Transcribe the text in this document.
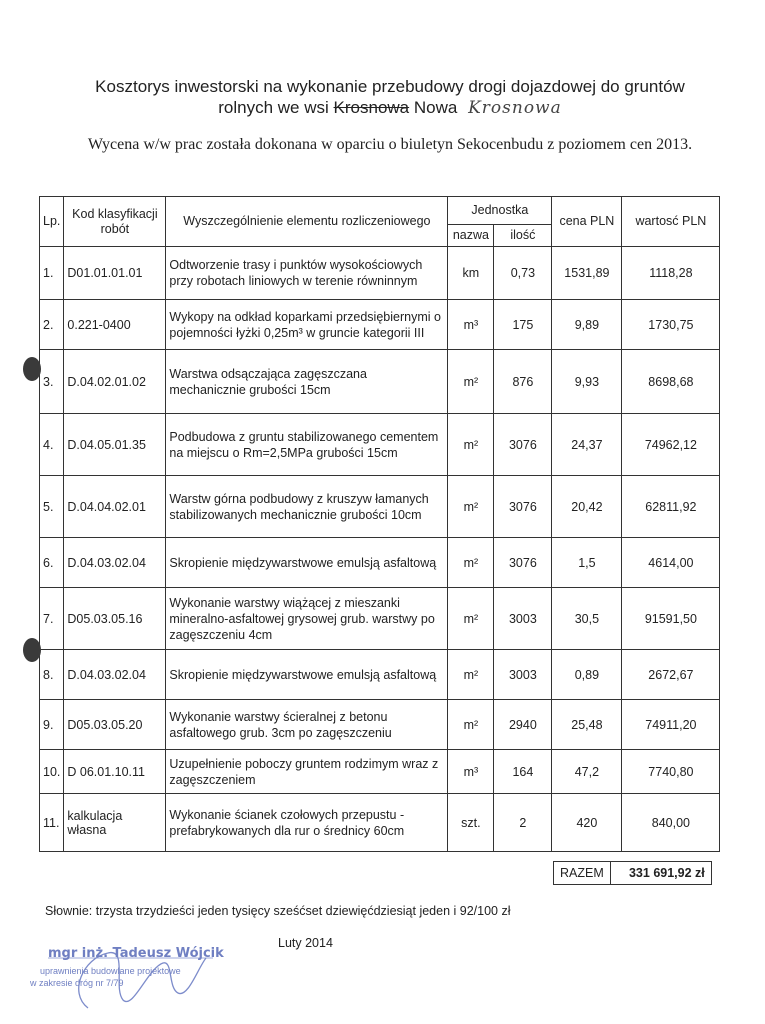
Kosztorys inwestorski na wykonanie przebudowy drogi dojazdowej do gruntów
rolnych we wsi Krosnowa Nowa Krosnowa
Wycena w/w prac została dokonana w oparciu o biuletyn Sekocenbudu z poziomem cen 2013.
Lp.	Kod klasyfikacji robót	Wyszczególnienie elementu rozliczeniowego	Jednostka		cena PLN	wartosć PLN
			nazwa	ilość		
1.	D01.01.01.01	Odtworzenie trasy i punktów wysokościowych przy robotach liniowych w terenie równinnym	km	0,73	1531,89	1118,28
2.	0.221-0400	Wykopy na odkład koparkami przedsiębiernymi o pojemności łyżki 0,25m³ w gruncie kategorii III	m³	175	9,89	1730,75
3.	D.04.02.01.02	Warstwa odsączająca zagęszczana mechanicznie grubości 15cm	m²	876	9,93	8698,68
4.	D.04.05.01.35	Podbudowa z gruntu stabilizowanego cementem na miejscu o Rm=2,5MPa grubości 15cm	m²	3076	24,37	74962,12
5.	D.04.04.02.01	Warstw górna podbudowy z kruszyw łamanych stabilizowanych mechanicznie grubości 10cm	m²	3076	20,42	62811,92
6.	D.04.03.02.04	Skropienie międzywarstwowe emulsją asfaltową	m²	3076	1,5	4614,00
7.	D05.03.05.16	Wykonanie warstwy wiążącej z mieszanki mineralno-asfaltowej grysowej grub. warstwy po zagęszczeniu 4cm	m²	3003	30,5	91591,50
8.	D.04.03.02.04	Skropienie międzywarstwowe emulsją asfaltową	m²	3003	0,89	2672,67
9.	D05.03.05.20	Wykonanie warstwy ścieralnej z betonu asfaltowego grub. 3cm po zagęszczeniu	m²	2940	25,48	74911,20
10.	D 06.01.10.11	Uzupełnienie poboczy gruntem rodzimym wraz z zagęszczeniem	m³	164	47,2	7740,80
11.	kalkulacja własna	Wykonanie ścianek czołowych przepustu - prefabrykowanych dla rur o średnicy 60cm	szt.	2	420	840,00
RAZEM	331 691,92 zł
Słownie: trzysta trzydzieści jeden tysięcy sześćset dziewięćdziesiąt jeden i 92/100 zł
Luty 2014
mgr inż. Tadeusz Wójcik
uprawnienia budowlane projektowe
w zakresie dróg nr 7/79
